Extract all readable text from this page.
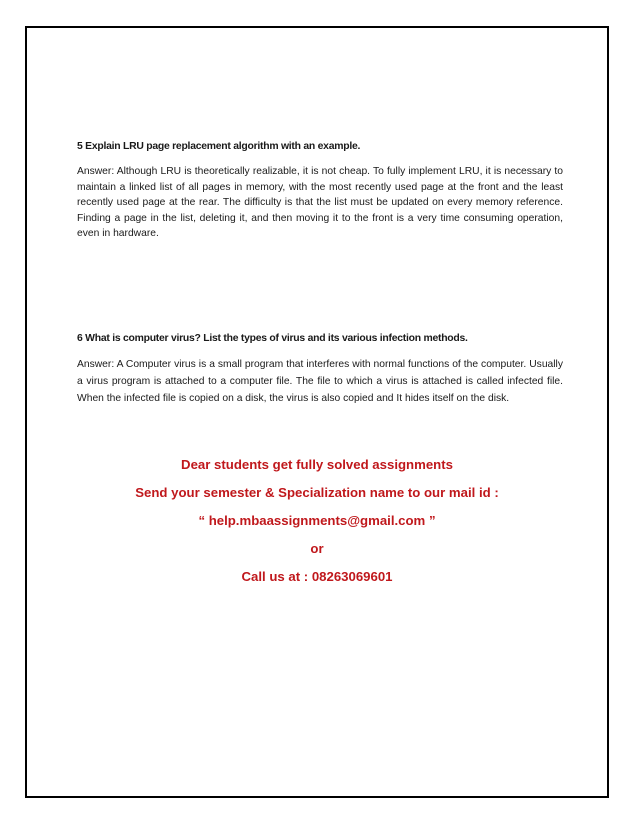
5 Explain LRU page replacement algorithm with an example.

Answer: Although LRU is theoretically realizable, it is not cheap. To fully implement LRU, it is necessary to maintain a linked list of all pages in memory, with the most recently used page at the front and the least recently used page at the rear. The difficulty is that the list must be updated on every memory reference. Finding a page in the list, deleting it, and then moving it to the front is a very time consuming operation, even in hardware.

6 What is computer virus? List the types of virus and its various infection methods.

Answer: A Computer virus is a small program that interferes with normal functions of the computer. Usually a virus program is attached to a computer file. The file to which a virus is attached is called infected file. When the infected file is copied on a disk, the virus is also copied and It hides itself on the disk.

Dear students get fully solved assignments

Send your semester & Specialization name to our mail id :

“ help.mbaassignments@gmail.com ”

or

Call us at : 08263069601
